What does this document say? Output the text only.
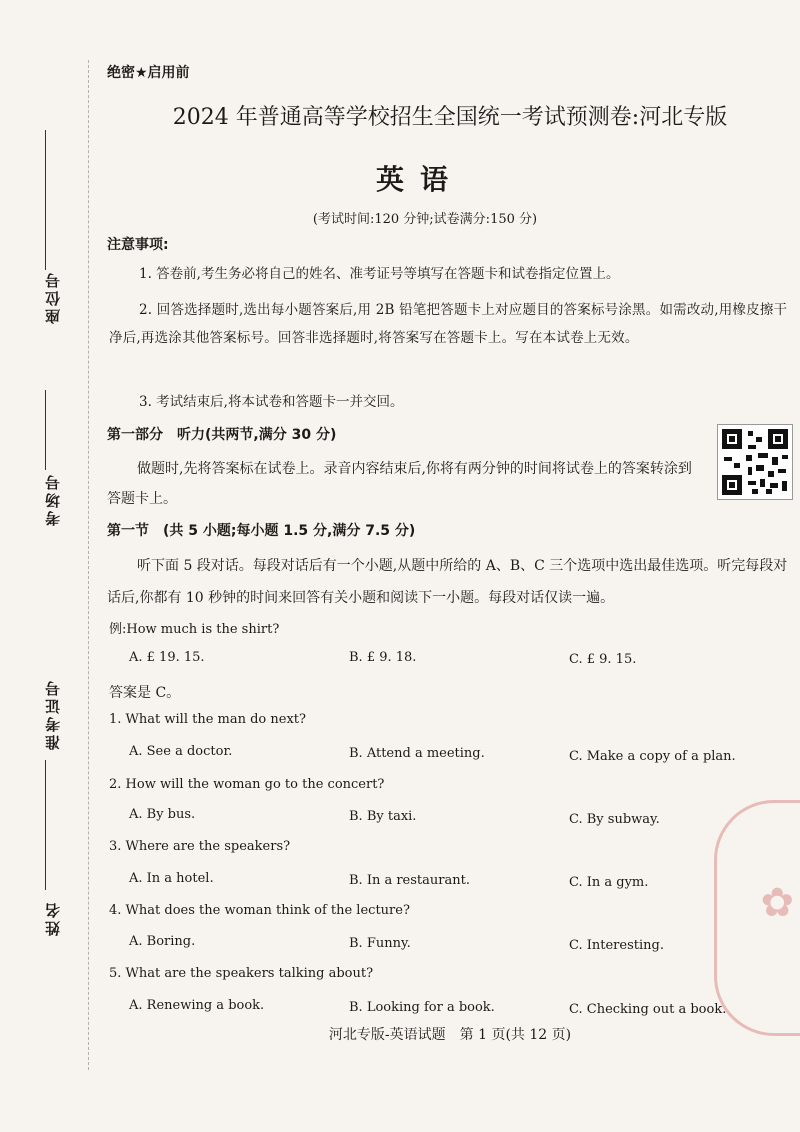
座位号
考场号
准考证号
姓名
绝密★启用前
2024 年普通高等学校招生全国统一考试预测卷:河北专版
英语
(考试时间:120 分钟;试卷满分:150 分)
注意事项:
1. 答卷前,考生务必将自己的姓名、准考证号等填写在答题卡和试卷指定位置上。
2. 回答选择题时,选出每小题答案后,用 2B 铅笔把答题卡上对应题目的答案标号涂黑。如需改动,用橡皮擦干净后,再选涂其他答案标号。回答非选择题时,将答案写在答题卡上。写在本试卷上无效。
3. 考试结束后,将本试卷和答题卡一并交回。
第一部分　听力(共两节,满分 30 分)
做题时,先将答案标在试卷上。录音内容结束后,你将有两分钟的时间将试卷上的答案转涂到答题卡上。
第一节　(共 5 小题;每小题 1.5 分,满分 7.5 分)
听下面 5 段对话。每段对话后有一个小题,从题中所给的 A、B、C 三个选项中选出最佳选项。听完每段对话后,你都有 10 秒钟的时间来回答有关小题和阅读下一小题。每段对话仅读一遍。
例:How much is the shirt?
A. £ 19. 15.	B. £ 9. 18.	C. £ 9. 15.
答案是 C。
1. What will the man do next?
A. See a doctor.	B. Attend a meeting.	C. Make a copy of a plan.
2. How will the woman go to the concert?
A. By bus.	B. By taxi.	C. By subway.
3. Where are the speakers?
A. In a hotel.	B. In a restaurant.	C. In a gym.
4. What does the woman think of the lecture?
A. Boring.	B. Funny.	C. Interesting.
5. What are the speakers talking about?
A. Renewing a book.	B. Looking for a book.	C. Checking out a book.
河北专版-英语试题　第 1 页(共 12 页)
✿
